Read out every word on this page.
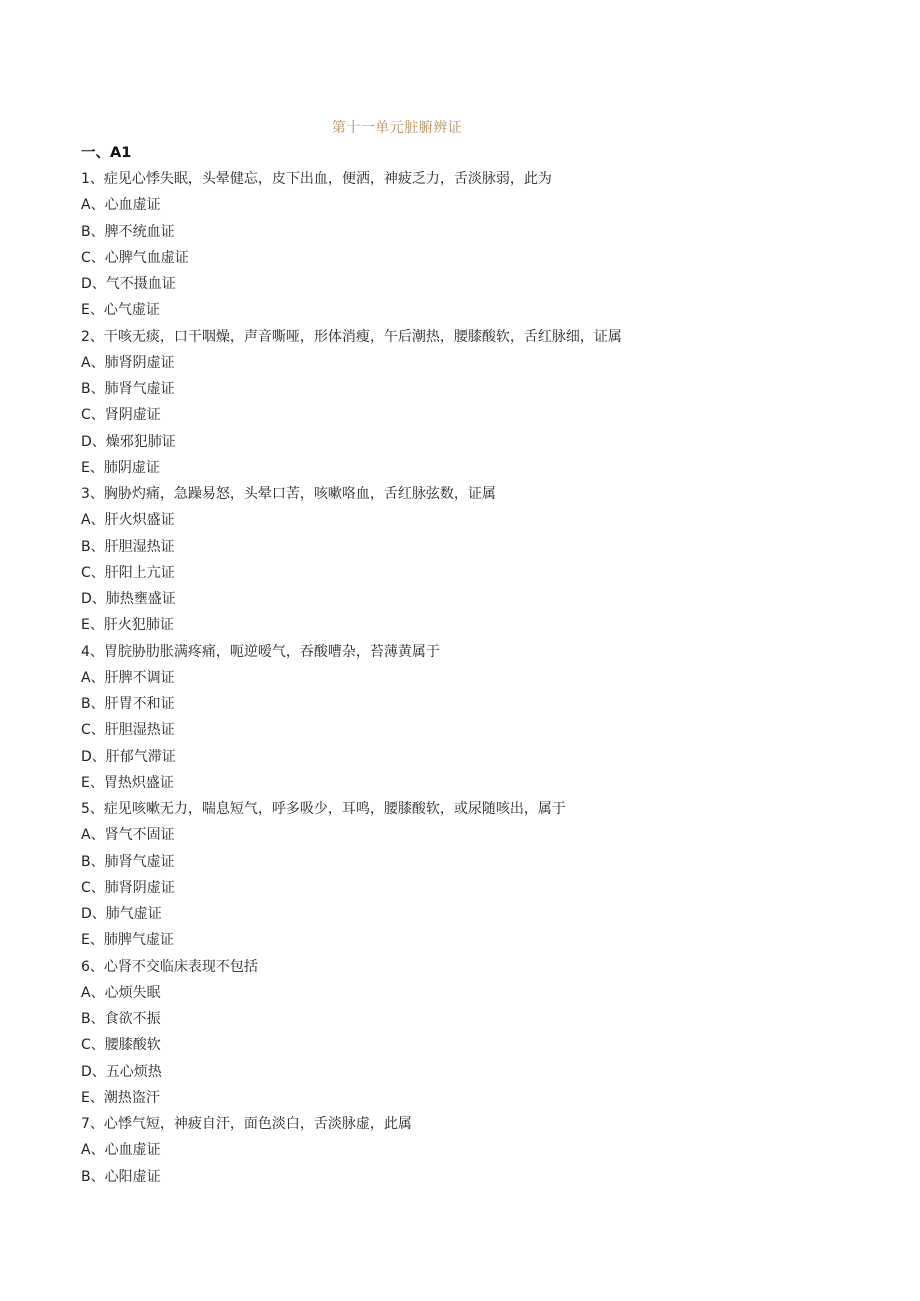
第十一单元脏腑辨证
一、A1
1、症见心悸失眠，头晕健忘，皮下出血，便洒，神疲乏力，舌淡脉弱，此为
A、心血虚证
B、脾不统血证
C、心脾气血虚证
D、气不摄血证
E、心气虚证
2、干咳无痰，口干咽燥，声音嘶哑，形体消瘦，午后潮热，腰膝酸软，舌红脉细，证属
A、肺肾阴虚证
B、肺肾气虚证
C、肾阴虚证
D、燥邪犯肺证
E、肺阴虚证
3、胸胁灼痛，急躁易怒，头晕口苦，咳嗽咯血，舌红脉弦数，证属
A、肝火炽盛证
B、肝胆湿热证
C、肝阳上亢证
D、肺热壅盛证
E、肝火犯肺证
4、胃脘胁肋胀满疼痛，呃逆嗳气，吞酸嘈杂，苔薄黄属于
A、肝脾不调证
B、肝胃不和证
C、肝胆湿热证
D、肝郁气滞证
E、胃热炽盛证
5、症见咳嗽无力，喘息短气，呼多吸少，耳鸣，腰膝酸软，或尿随咳出，属于
A、肾气不固证
B、肺肾气虚证
C、肺肾阴虚证
D、肺气虚证
E、肺脾气虚证
6、心肾不交临床表现不包括
A、心烦失眠
B、食欲不振
C、腰膝酸软
D、五心烦热
E、潮热盗汗
7、心悸气短，神疲自汗，面色淡白，舌淡脉虚，此属
A、心血虚证
B、心阳虚证
